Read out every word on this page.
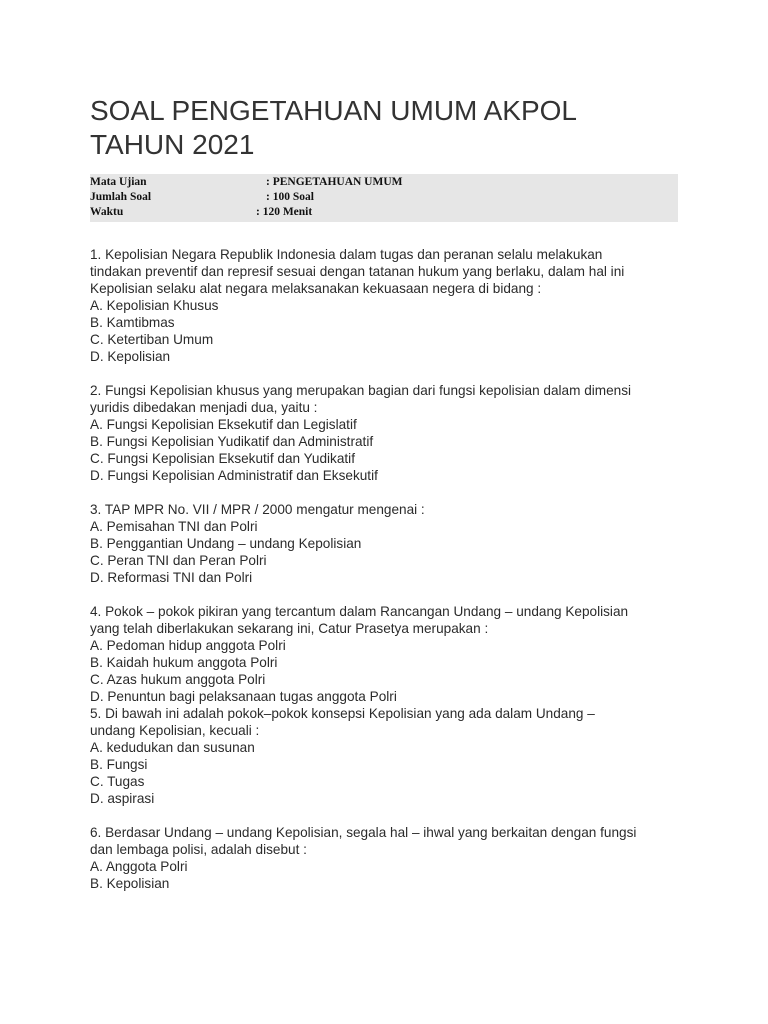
SOAL PENGETAHUAN UMUM AKPOL
TAHUN 2021
Mata Ujian	: PENGETAHUAN UMUM
Jumlah Soal	: 100 Soal
Waktu	: 120 Menit
1. Kepolisian Negara Republik Indonesia dalam tugas dan peranan selalu melakukan
tindakan preventif dan represif sesuai dengan tatanan hukum yang berlaku, dalam hal ini
Kepolisian selaku alat negara melaksanakan kekuasaan negera di bidang :
A. Kepolisian Khusus
B. Kamtibmas
C. Ketertiban Umum
D. Kepolisian
2. Fungsi Kepolisian khusus yang merupakan bagian dari fungsi kepolisian dalam dimensi
yuridis dibedakan menjadi dua, yaitu :
A. Fungsi Kepolisian Eksekutif dan Legislatif
B. Fungsi Kepolisian Yudikatif dan Administratif
C. Fungsi Kepolisian Eksekutif dan Yudikatif
D. Fungsi Kepolisian Administratif dan Eksekutif
3. TAP MPR No. VII / MPR / 2000 mengatur mengenai :
A. Pemisahan TNI dan Polri
B. Penggantian Undang – undang Kepolisian
C. Peran TNI dan Peran Polri
D. Reformasi TNI dan Polri
4. Pokok – pokok pikiran yang tercantum dalam Rancangan Undang – undang Kepolisian
yang telah diberlakukan sekarang ini, Catur Prasetya merupakan :
A. Pedoman hidup anggota Polri
B. Kaidah hukum anggota Polri
C. Azas hukum anggota Polri
D. Penuntun bagi pelaksanaan tugas anggota Polri
5. Di bawah ini adalah pokok–pokok konsepsi Kepolisian yang ada dalam Undang –
undang Kepolisian, kecuali :
A. kedudukan dan susunan
B. Fungsi
C. Tugas
D. aspirasi
6. Berdasar Undang – undang Kepolisian, segala hal – ihwal yang berkaitan dengan fungsi
dan lembaga polisi, adalah disebut :
A. Anggota Polri
B. Kepolisian
